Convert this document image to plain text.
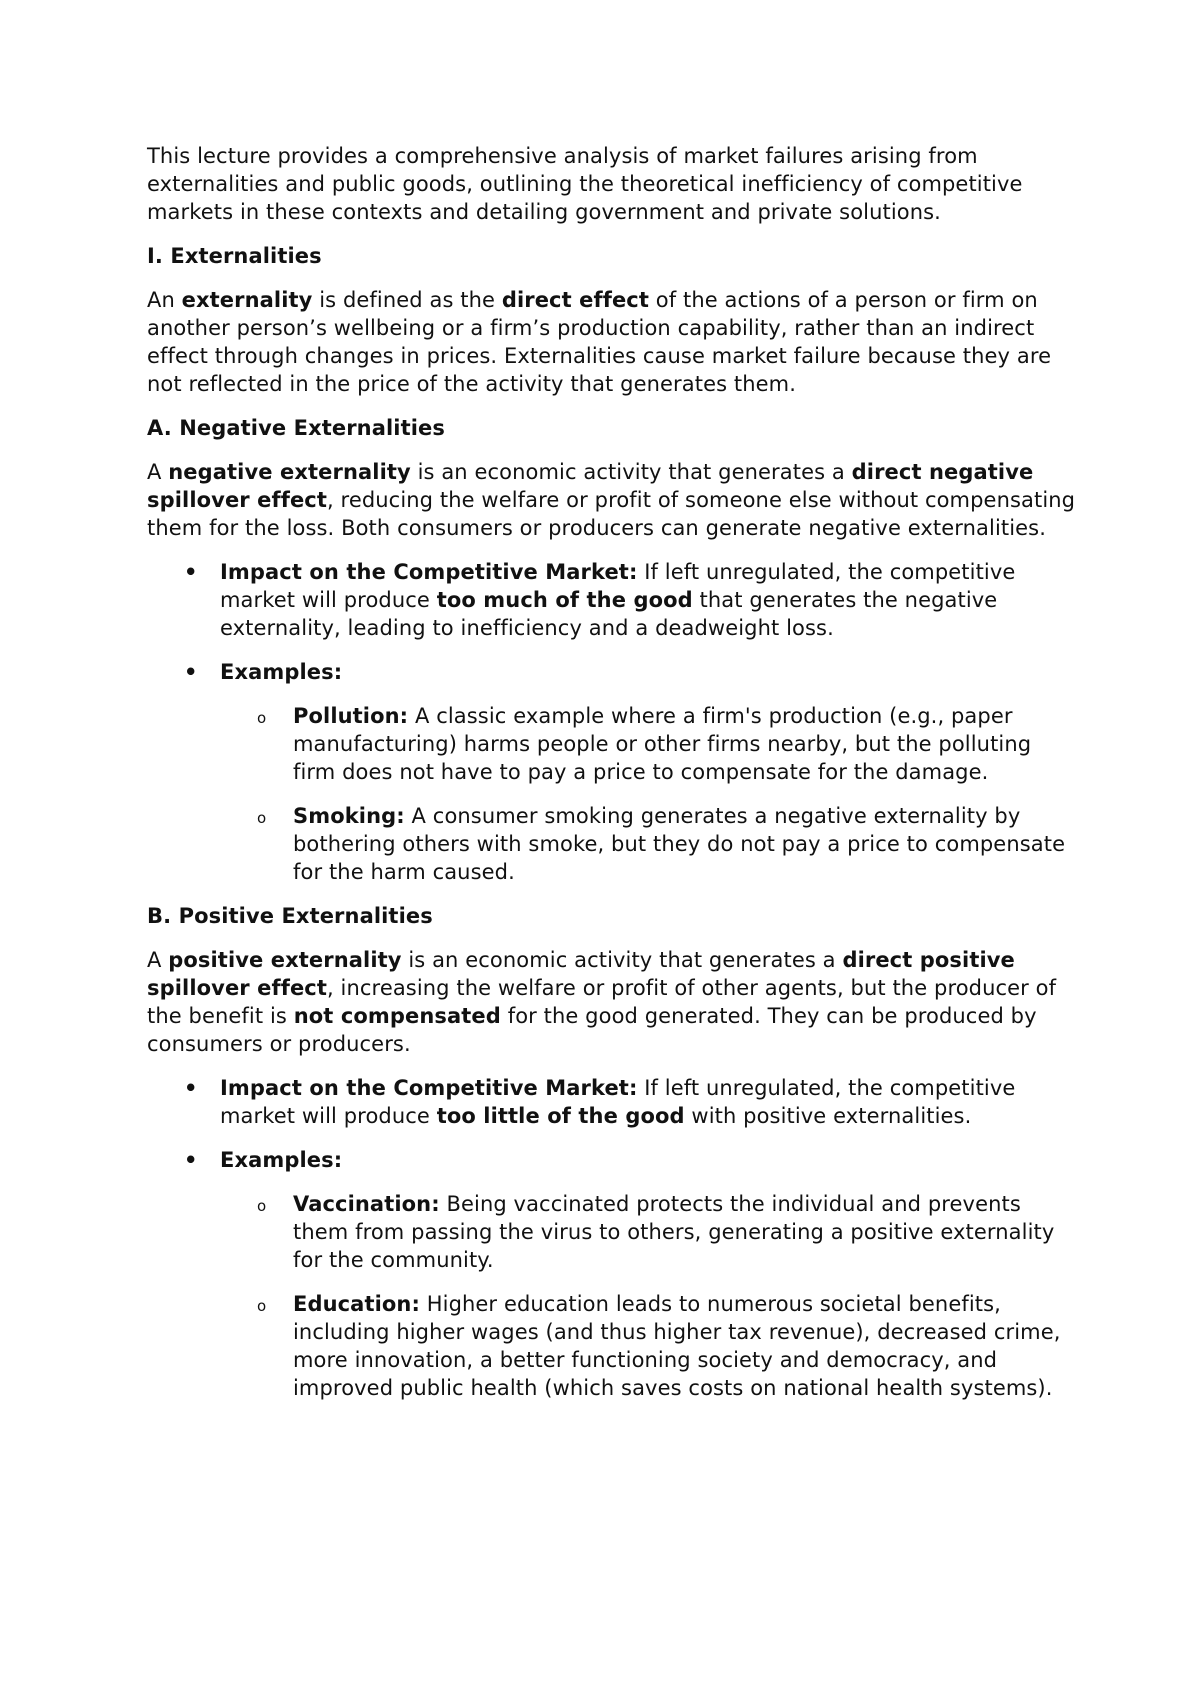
This lecture provides a comprehensive analysis of market failures arising from externalities and public goods, outlining the theoretical inefficiency of competitive markets in these contexts and detailing government and private solutions.

I. Externalities

An externality is defined as the direct effect of the actions of a person or firm on another person’s wellbeing or a firm’s production capability, rather than an indirect effect through changes in prices. Externalities cause market failure because they are not reflected in the price of the activity that generates them.

A. Negative Externalities

A negative externality is an economic activity that generates a direct negative spillover effect, reducing the welfare or profit of someone else without compensating them for the loss. Both consumers or producers can generate negative externalities.

• Impact on the Competitive Market: If left unregulated, the competitive market will produce too much of the good that generates the negative externality, leading to inefficiency and a deadweight loss.
• Examples:
o Pollution: A classic example where a firm's production (e.g., paper manufacturing) harms people or other firms nearby, but the polluting firm does not have to pay a price to compensate for the damage.
o Smoking: A consumer smoking generates a negative externality by bothering others with smoke, but they do not pay a price to compensate for the harm caused.

B. Positive Externalities

A positive externality is an economic activity that generates a direct positive spillover effect, increasing the welfare or profit of other agents, but the producer of the benefit is not compensated for the good generated. They can be produced by consumers or producers.

• Impact on the Competitive Market: If left unregulated, the competitive market will produce too little of the good with positive externalities.
• Examples:
o Vaccination: Being vaccinated protects the individual and prevents them from passing the virus to others, generating a positive externality for the community.
o Education: Higher education leads to numerous societal benefits, including higher wages (and thus higher tax revenue), decreased crime, more innovation, a better functioning society and democracy, and improved public health (which saves costs on national health systems).
